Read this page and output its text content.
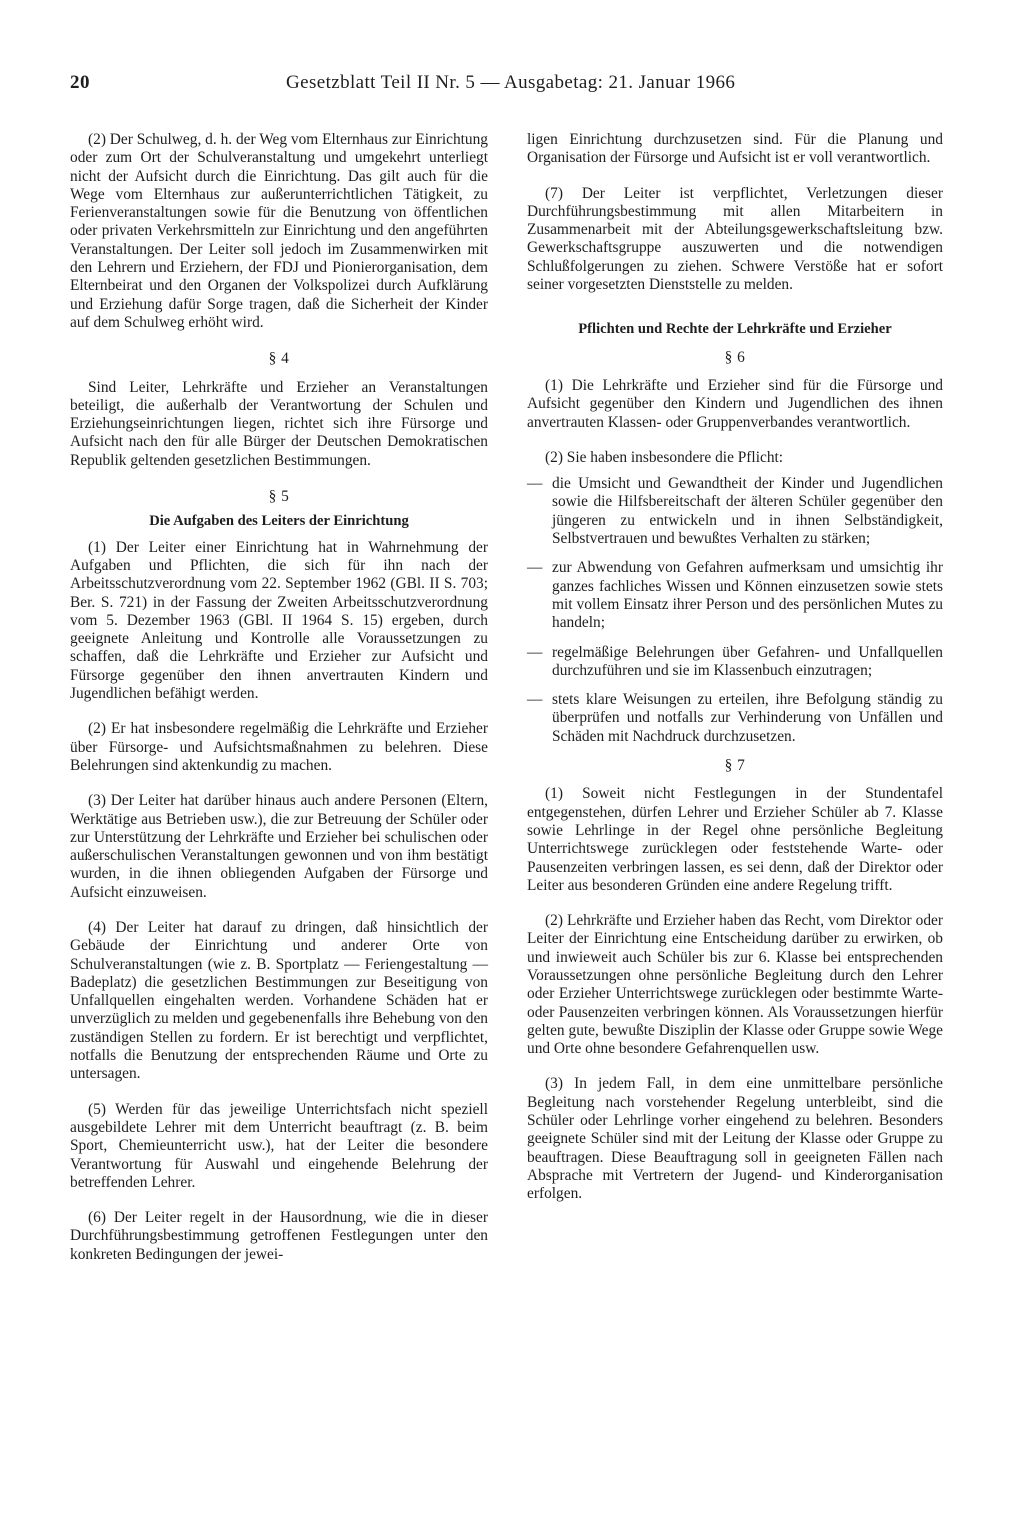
20	Gesetzblatt Teil II Nr. 5 — Ausgabetag: 21. Januar 1966

(2) Der Schulweg, d. h. der Weg vom Elternhaus zur Einrichtung oder zum Ort der Schulveranstaltung und umgekehrt unterliegt nicht der Aufsicht durch die Einrichtung. Das gilt auch für die Wege vom Elternhaus zur außerunterrichtlichen Tätigkeit, zu Ferienveranstaltungen sowie für die Benutzung von öffentlichen oder privaten Verkehrsmitteln zur Einrichtung und den angeführten Veranstaltungen. Der Leiter soll jedoch im Zusammenwirken mit den Lehrern und Erziehern, der FDJ und Pionierorganisation, dem Elternbeirat und den Organen der Volkspolizei durch Aufklärung und Erziehung dafür Sorge tragen, daß die Sicherheit der Kinder auf dem Schulweg erhöht wird.

§ 4

Sind Leiter, Lehrkräfte und Erzieher an Veranstaltungen beteiligt, die außerhalb der Verantwortung der Schulen und Erziehungseinrichtungen liegen, richtet sich ihre Fürsorge und Aufsicht nach den für alle Bürger der Deutschen Demokratischen Republik geltenden gesetzlichen Bestimmungen.

§ 5
Die Aufgaben des Leiters der Einrichtung

(1) Der Leiter einer Einrichtung hat in Wahrnehmung der Aufgaben und Pflichten, die sich für ihn nach der Arbeitsschutzverordnung vom 22. September 1962 (GBl. II S. 703; Ber. S. 721) in der Fassung der Zweiten Arbeitsschutzverordnung vom 5. Dezember 1963 (GBl. II 1964 S. 15) ergeben, durch geeignete Anleitung und Kontrolle alle Voraussetzungen zu schaffen, daß die Lehrkräfte und Erzieher zur Aufsicht und Fürsorge gegenüber den ihnen anvertrauten Kindern und Jugendlichen befähigt werden.

(2) Er hat insbesondere regelmäßig die Lehrkräfte und Erzieher über Fürsorge- und Aufsichtsmaßnahmen zu belehren. Diese Belehrungen sind aktenkundig zu machen.

(3) Der Leiter hat darüber hinaus auch andere Personen (Eltern, Werktätige aus Betrieben usw.), die zur Betreuung der Schüler oder zur Unterstützung der Lehrkräfte und Erzieher bei schulischen oder außerschulischen Veranstaltungen gewonnen und von ihm bestätigt wurden, in die ihnen obliegenden Aufgaben der Fürsorge und Aufsicht einzuweisen.

(4) Der Leiter hat darauf zu dringen, daß hinsichtlich der Gebäude der Einrichtung und anderer Orte von Schulveranstaltungen (wie z. B. Sportplatz — Feriengestaltung — Badeplatz) die gesetzlichen Bestimmungen zur Beseitigung von Unfallquellen eingehalten werden. Vorhandene Schäden hat er unverzüglich zu melden und gegebenenfalls ihre Behebung von den zuständigen Stellen zu fordern. Er ist berechtigt und verpflichtet, notfalls die Benutzung der entsprechenden Räume und Orte zu untersagen.

(5) Werden für das jeweilige Unterrichtsfach nicht speziell ausgebildete Lehrer mit dem Unterricht beauftragt (z. B. beim Sport, Chemieunterricht usw.), hat der Leiter die besondere Verantwortung für Auswahl und eingehende Belehrung der betreffenden Lehrer.

(6) Der Leiter regelt in der Hausordnung, wie die in dieser Durchführungsbestimmung getroffenen Festlegungen unter den konkreten Bedingungen der jewei-

ligen Einrichtung durchzusetzen sind. Für die Planung und Organisation der Fürsorge und Aufsicht ist er voll verantwortlich.

(7) Der Leiter ist verpflichtet, Verletzungen dieser Durchführungsbestimmung mit allen Mitarbeitern in Zusammenarbeit mit der Abteilungsgewerkschaftsleitung bzw. Gewerkschaftsgruppe auszuwerten und die notwendigen Schlußfolgerungen zu ziehen. Schwere Verstöße hat er sofort seiner vorgesetzten Dienststelle zu melden.

Pflichten und Rechte der Lehrkräfte und Erzieher
§ 6

(1) Die Lehrkräfte und Erzieher sind für die Fürsorge und Aufsicht gegenüber den Kindern und Jugendlichen des ihnen anvertrauten Klassen- oder Gruppenverbandes verantwortlich.

(2) Sie haben insbesondere die Pflicht:

— die Umsicht und Gewandtheit der Kinder und Jugendlichen sowie die Hilfsbereitschaft der älteren Schüler gegenüber den jüngeren zu entwickeln und in ihnen Selbständigkeit, Selbstvertrauen und bewußtes Verhalten zu stärken;
— zur Abwendung von Gefahren aufmerksam und umsichtig ihr ganzes fachliches Wissen und Können einzusetzen sowie stets mit vollem Einsatz ihrer Person und des persönlichen Mutes zu handeln;
— regelmäßige Belehrungen über Gefahren- und Unfallquellen durchzuführen und sie im Klassenbuch einzutragen;
— stets klare Weisungen zu erteilen, ihre Befolgung ständig zu überprüfen und notfalls zur Verhinderung von Unfällen und Schäden mit Nachdruck durchzusetzen.
§ 7

(1) Soweit nicht Festlegungen in der Stundentafel entgegenstehen, dürfen Lehrer und Erzieher Schüler ab 7. Klasse sowie Lehrlinge in der Regel ohne persönliche Begleitung Unterrichtswege zurücklegen oder feststehende Warte- oder Pausenzeiten verbringen lassen, es sei denn, daß der Direktor oder Leiter aus besonderen Gründen eine andere Regelung trifft.

(2) Lehrkräfte und Erzieher haben das Recht, vom Direktor oder Leiter der Einrichtung eine Entscheidung darüber zu erwirken, ob und inwieweit auch Schüler bis zur 6. Klasse bei entsprechenden Voraussetzungen ohne persönliche Begleitung durch den Lehrer oder Erzieher Unterrichtswege zurücklegen oder bestimmte Warte- oder Pausenzeiten verbringen können. Als Voraussetzungen hierfür gelten gute, bewußte Disziplin der Klasse oder Gruppe sowie Wege und Orte ohne besondere Gefahrenquellen usw.

(3) In jedem Fall, in dem eine unmittelbare persönliche Begleitung nach vorstehender Regelung unterbleibt, sind die Schüler oder Lehrlinge vorher eingehend zu belehren. Besonders geeignete Schüler sind mit der Leitung der Klasse oder Gruppe zu beauftragen. Diese Beauftragung soll in geeigneten Fällen nach Absprache mit Vertretern der Jugend- und Kinderorganisation erfolgen.
